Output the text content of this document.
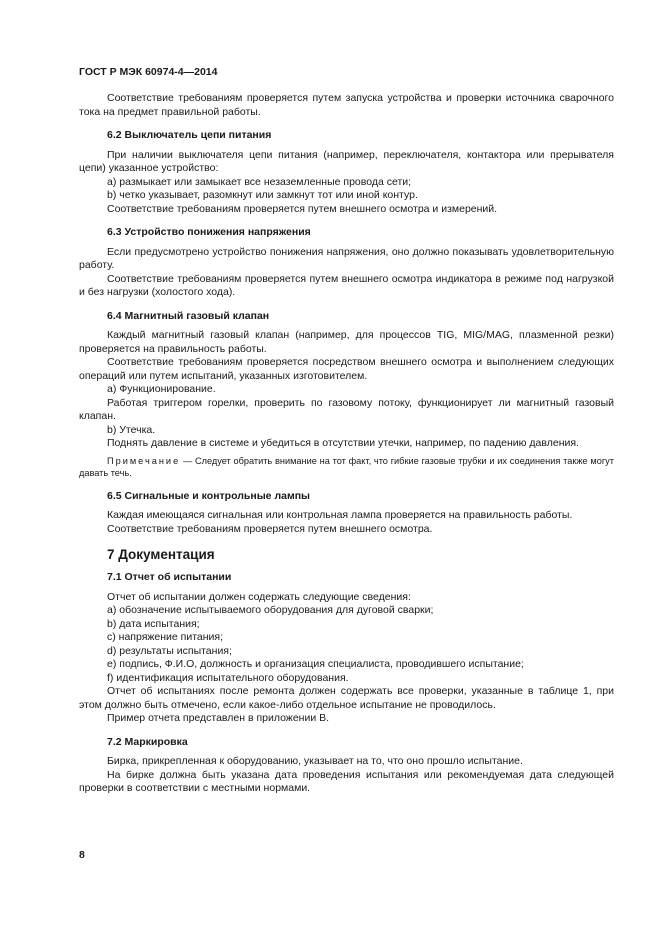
ГОСТ Р МЭК 60974-4—2014

Соответствие требованиям проверяется путем запуска устройства и проверки источника сварочного тока на предмет правильной работы.

6.2 Выключатель цепи питания

При наличии выключателя цепи питания (например, переключателя, контактора или прерывателя цепи) указанное устройство:

a) размыкает или замыкает все незаземленные провода сети;

b) четко указывает, разомкнут или замкнут тот или иной контур.

Соответствие требованиям проверяется путем внешнего осмотра и измерений.

6.3 Устройство понижения напряжения

Если предусмотрено устройство понижения напряжения, оно должно показывать удовлетворительную работу.

Соответствие требованиям проверяется путем внешнего осмотра индикатора в режиме под нагрузкой и без нагрузки (холостого хода).

6.4 Магнитный газовый клапан

Каждый магнитный газовый клапан (например, для процессов TIG, MIG/MAG, плазменной резки) проверяется на правильность работы.

Соответствие требованиям проверяется посредством внешнего осмотра и выполнением следующих операций или путем испытаний, указанных изготовителем.

a) Функционирование.

Работая триггером горелки, проверить по газовому потоку, функционирует ли магнитный газовый клапан.

b) Утечка.

Поднять давление в системе и убедиться в отсутствии утечки, например, по падению давления.

Примечание — Следует обратить внимание на тот факт, что гибкие газовые трубки и их соединения также могут давать течь.

6.5 Сигнальные и контрольные лампы

Каждая имеющаяся сигнальная или контрольная лампа проверяется на правильность работы.

Соответствие требованиям проверяется путем внешнего осмотра.

7 Документация

7.1 Отчет об испытании

Отчет об испытании должен содержать следующие сведения:

a) обозначение испытываемого оборудования для дуговой сварки;

b) дата испытания;

c) напряжение питания;

d) результаты испытания;

e) подпись, Ф.И.О, должность и организация специалиста, проводившего испытание;

f) идентификация испытательного оборудования.

Отчет об испытаниях после ремонта должен содержать все проверки, указанные в таблице 1, при этом должно быть отмечено, если какое-либо отдельное испытание не проводилось.

Пример отчета представлен в приложении В.

7.2 Маркировка

Бирка, прикрепленная к оборудованию, указывает на то, что оно прошло испытание.

На бирке должна быть указана дата проведения испытания или рекомендуемая дата следующей проверки в соответствии с местными нормами.

8
